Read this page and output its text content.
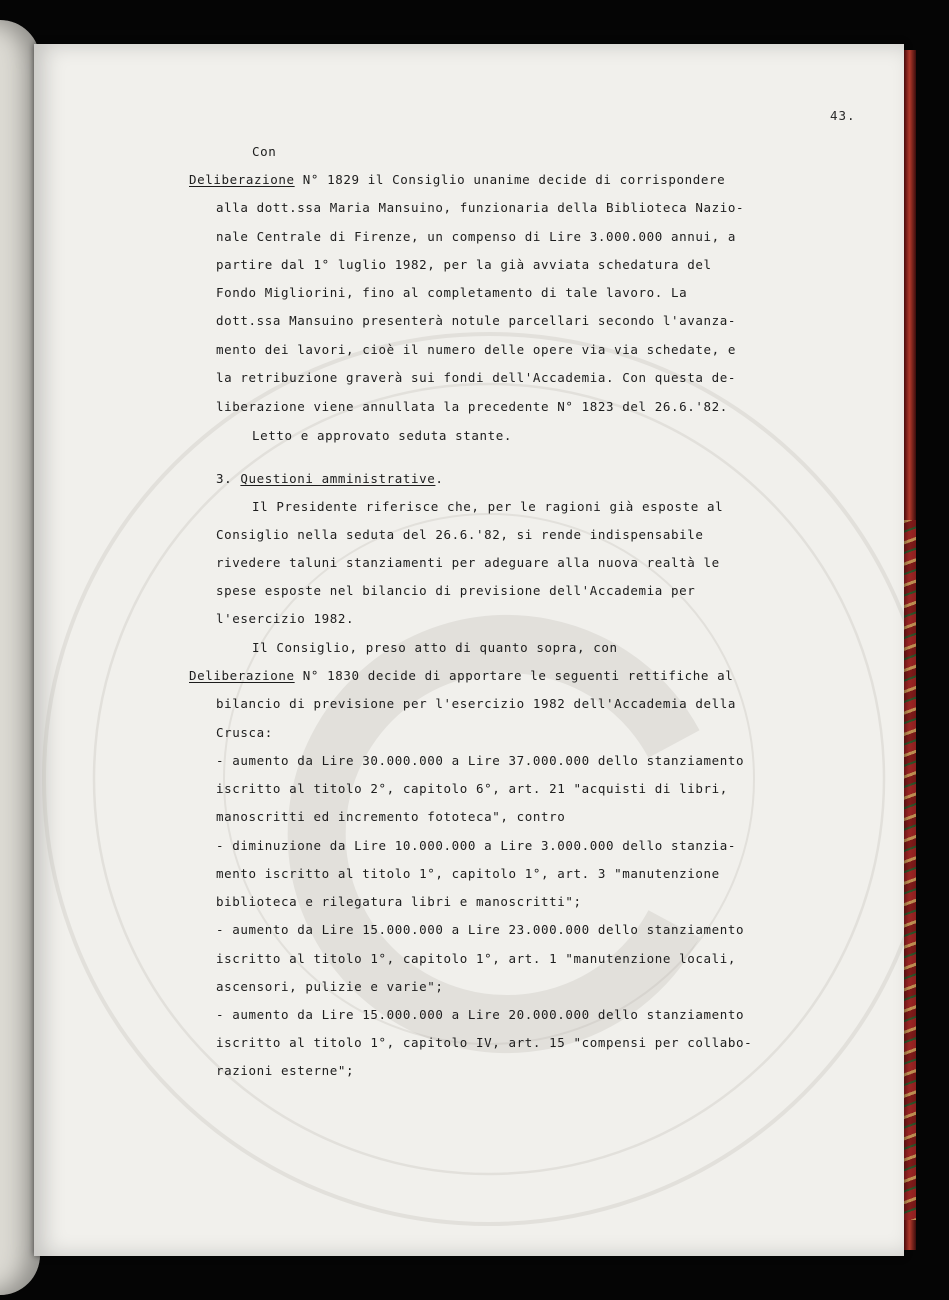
43.
Con
Deliberazione N° 1829 il Consiglio unanime decide di corrispondere
alla dott.ssa Maria Mansuino, funzionaria della Biblioteca Nazio-
nale Centrale di Firenze, un compenso di Lire 3.000.000 annui, a
partire dal 1° luglio 1982, per la già avviata schedatura del
Fondo Migliorini, fino al completamento di tale lavoro. La
dott.ssa Mansuino presenterà notule parcellari secondo l'avanza-
mento dei lavori, cioè il numero delle opere via via schedate, e
la retribuzione graverà sui fondi dell'Accademia. Con questa de-
liberazione viene annullata la precedente N° 1823 del 26.6.'82.
Letto e approvato seduta stante.
3. Questioni amministrative.
Il Presidente riferisce che, per le ragioni già esposte al
Consiglio nella seduta del 26.6.'82, si rende indispensabile
rivedere taluni stanziamenti per adeguare alla nuova realtà le
spese esposte nel bilancio di previsione dell'Accademia per
l'esercizio 1982.
Il Consiglio, preso atto di quanto sopra, con
Deliberazione N° 1830 decide di apportare le seguenti rettifiche al
bilancio di previsione per l'esercizio 1982 dell'Accademia della
Crusca:
- aumento da Lire 30.000.000 a Lire 37.000.000 dello stanziamento
iscritto al titolo 2°, capitolo 6°, art. 21 "acquisti di libri,
manoscritti ed incremento fototeca", contro
- diminuzione da Lire 10.000.000 a Lire 3.000.000 dello stanzia-
mento iscritto al titolo 1°, capitolo 1°, art. 3 "manutenzione
biblioteca e rilegatura libri e manoscritti";
- aumento da Lire 15.000.000 a Lire 23.000.000 dello stanziamento
iscritto al titolo 1°, capitolo 1°, art. 1 "manutenzione locali,
ascensori, pulizie e varie";
- aumento da Lire 15.000.000 a Lire 20.000.000 dello stanziamento
iscritto al titolo 1°, capitolo IV, art. 15 "compensi per collabo-
razioni esterne";
